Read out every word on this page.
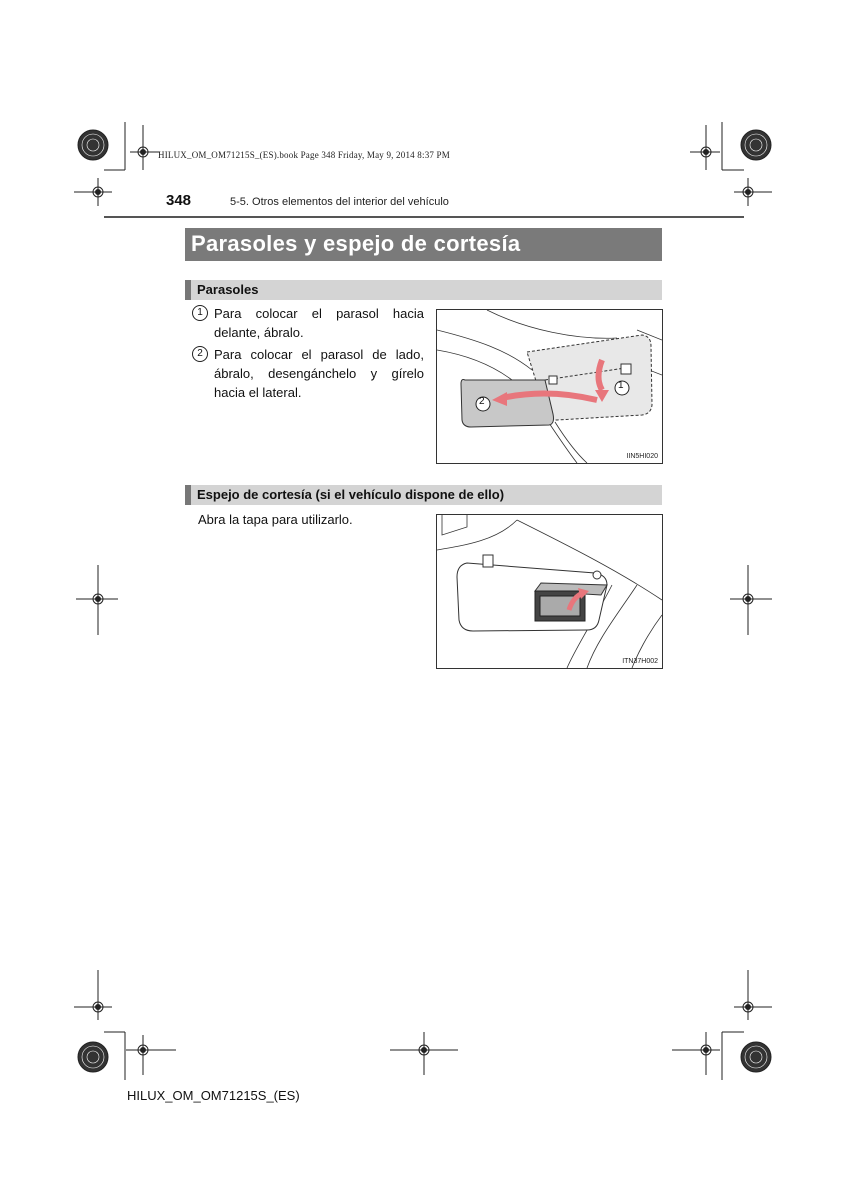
HILUX_OM_OM71215S_(ES).book Page 348 Friday, May 9, 2014 8:37 PM
348	5-5. Otros elementos del interior del vehículo
Parasoles y espejo de cortesía
Parasoles
1 Para colocar el parasol hacia delante, ábralo.
2 Para colocar el parasol de lado, ábralo, desengánchelo y gírelo hacia el lateral.	1
2
IIN5HI020
Espejo de cortesía (si el vehículo dispone de ello)
Abra la tapa para utilizarlo.
ITN37H002
HILUX_OM_OM71215S_(ES)
